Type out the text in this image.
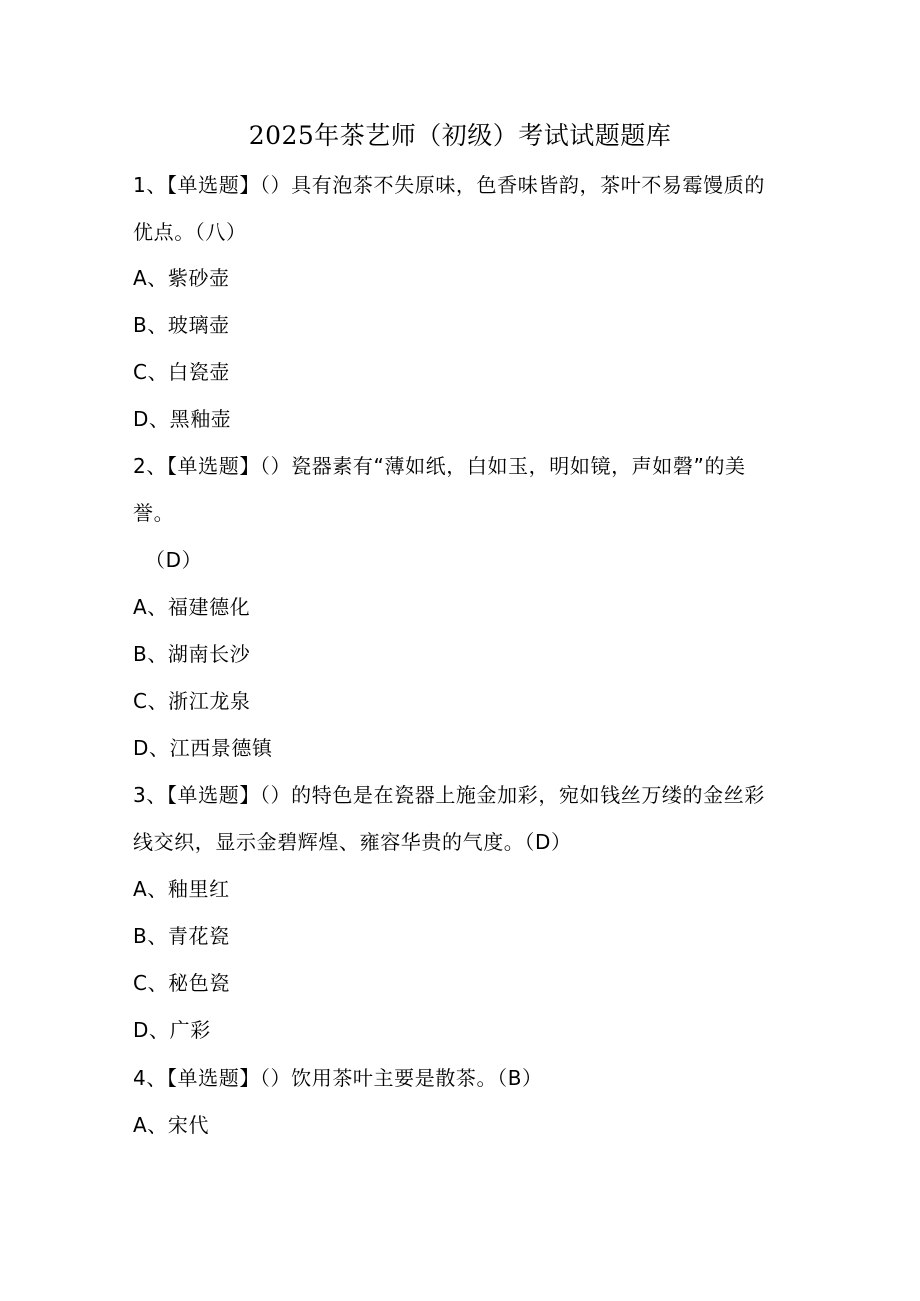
2025年茶艺师（初级）考试试题题库
1、【单选题】（）具有泡茶不失原味，色香味皆韵，茶叶不易霉馒质的
优点。（八）
A、紫砂壶
B、玻璃壶
C、白瓷壶
D、黑釉壶
2、【单选题】（）瓷器素有“薄如纸，白如玉，明如镜，声如磬”的美
誉。
（D）
A、福建德化
B、湖南长沙
C、浙江龙泉
D、江西景德镇
3、【单选题】（）的特色是在瓷器上施金加彩，宛如钱丝万缕的金丝彩
线交织，显示金碧辉煌、雍容华贵的气度。（D）
A、釉里红
B、青花瓷
C、秘色瓷
D、广彩
4、【单选题】（）饮用茶叶主要是散茶。（B）
A、宋代
